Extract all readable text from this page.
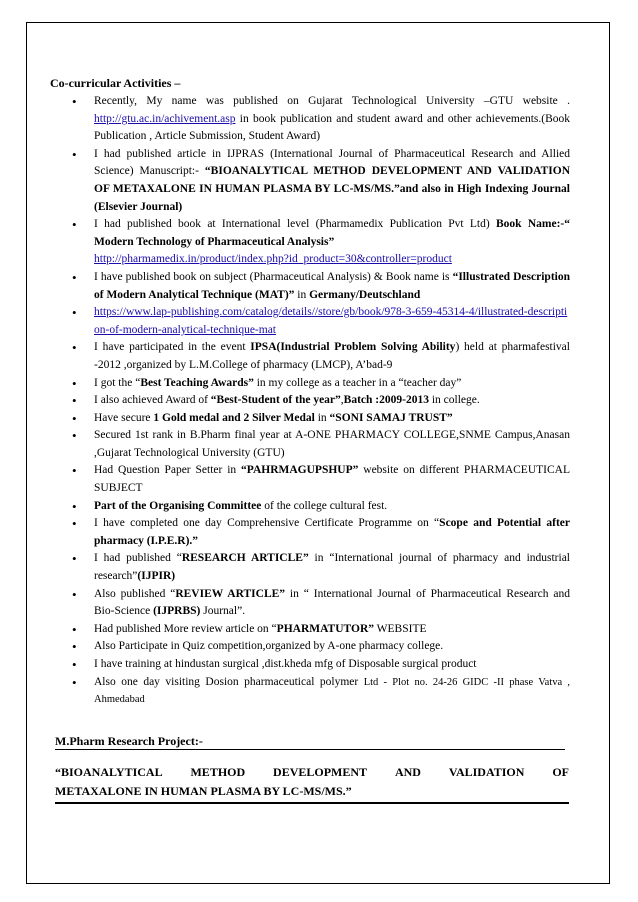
Co-curricular Activities –
• Recently, My name was published on Gujarat Technological University –GTU website . http://gtu.ac.in/achivement.asp in book publication and student award and other achievements.(Book Publication , Article Submission, Student Award)
• I had published article in IJPRAS (International Journal of Pharmaceutical Research and Allied Science) Manuscript:- “BIOANALYTICAL METHOD DEVELOPMENT AND VALIDATION OF METAXALONE IN HUMAN PLASMA BY LC-MS/MS.”and also in High Indexing Journal (Elsevier Journal)
• I had published book at International level (Pharmamedix Publication Pvt Ltd) Book Name:-“ Modern Technology of Pharmaceutical Analysis”
http://pharmamedix.in/product/index.php?id_product=30&controller=product
• I have published book on subject (Pharmaceutical Analysis) & Book name is “Illustrated Description of Modern Analytical Technique (MAT)” in Germany/Deutschland
• https://www.lap-publishing.com/catalog/details//store/gb/book/978-3-659-45314-4/illustrated-description-of-modern-analytical-technique-mat
• I have participated in the event IPSA(Industrial Problem Solving Ability) held at pharmafestival -2012 ,organized by L.M.College of pharmacy (LMCP), A’bad-9
• I got the “Best Teaching Awards” in my college as a teacher in a “teacher day”
• I also achieved Award of “Best-Student of the year”,Batch :2009-2013 in college.
• Have secure 1 Gold medal and 2 Silver Medal in “SONI SAMAJ TRUST”
• Secured 1st rank in B.Pharm final year at A-ONE PHARMACY COLLEGE,SNME Campus,Anasan ,Gujarat Technological University (GTU)
• Had Question Paper Setter in “PAHRMAGUPSHUP” website on different PHARMACEUTICAL SUBJECT
• Part of the Organising Committee of the college cultural fest.
• I have completed one day Comprehensive Certificate Programme on “Scope and Potential after pharmacy (I.P.E.R).”
• I had published “RESEARCH ARTICLE” in “International journal of pharmacy and industrial research”(IJPIR)
• Also published “REVIEW ARTICLE” in “ International Journal of Pharmaceutical Research and Bio-Science (IJPRBS) Journal”.
• Had published More review article on “PHARMATUTOR” WEBSITE
• Also Participate in Quiz competition,organized by A-one pharmacy college.
• I have training at hindustan surgical ,dist.kheda mfg of Disposable surgical product
• Also one day visiting Dosion pharmaceutical polymer Ltd - Plot no. 24-26 GIDC -II phase Vatva , Ahmedabad
M.Pharm Research Project:-
“BIOANALYTICAL METHOD DEVELOPMENT AND VALIDATION OF
METAXALONE IN HUMAN PLASMA BY LC-MS/MS.”
